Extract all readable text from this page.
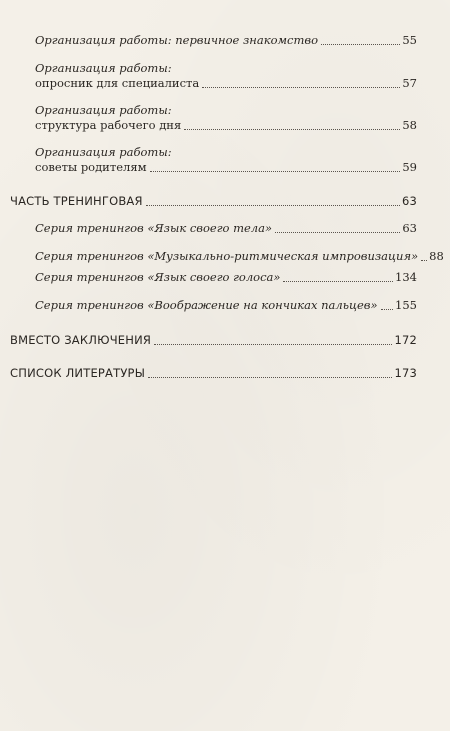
Организация работы: первичное знакомство	55
Организация работы:
опросник для специалиста	57
Организация работы:
структура рабочего дня	58
Организация работы:
советы родителям	59
ЧАСТЬ ТРЕНИНГОВАЯ	63
Серия тренингов «Язык своего тела»	63
Серия тренингов «Музыкально-ритмическая импровизация» 88
Серия тренингов «Язык своего голоса»	134
Серия тренингов «Воображение на кончиках пальцев» 155
ВМЕСТО ЗАКЛЮЧЕНИЯ	172
СПИСОК ЛИТЕРАТУРЫ	173
